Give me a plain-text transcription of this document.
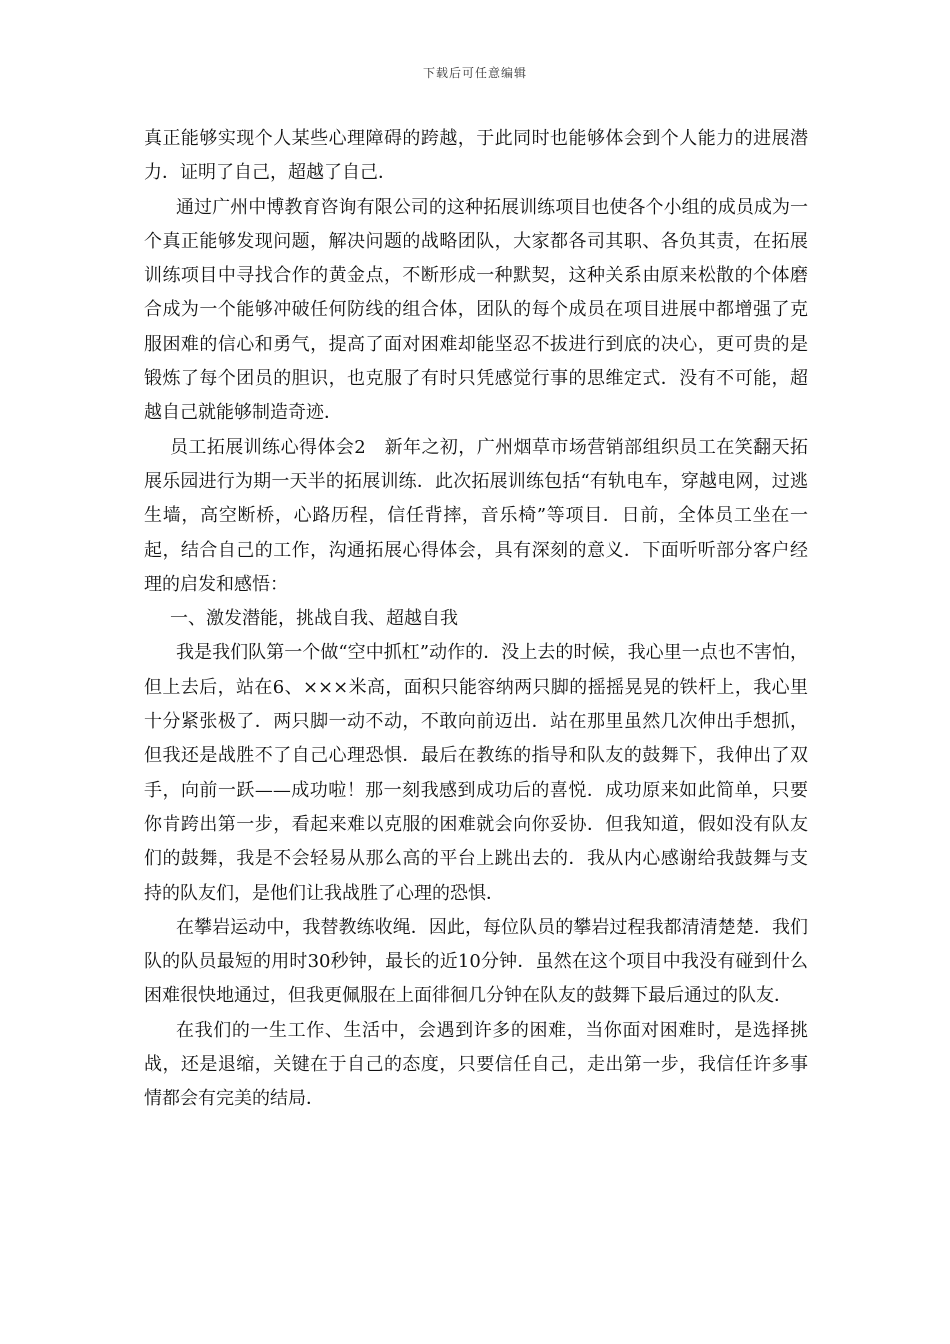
下载后可任意编辑

真正能够实现个人某些心理障碍的跨越，于此同时也能够体会到个人能力的进展潜力．证明了自己，超越了自己．

通过广州中博教育咨询有限公司的这种拓展训练项目也使各个小组的成员成为一个真正能够发现问题，解决问题的战略团队，大家都各司其职、各负其责，在拓展训练项目中寻找合作的黄金点，不断形成一种默契，这种关系由原来松散的个体磨合成为一个能够冲破任何防线的组合体，团队的每个成员在项目进展中都增强了克服困难的信心和勇气，提高了面对困难却能坚忍不拔进行到底的决心，更可贵的是锻炼了每个团员的胆识，也克服了有时只凭感觉行事的思维定式．没有不可能，超越自己就能够制造奇迹．

员工拓展训练心得体会2　新年之初，广州烟草市场营销部组织员工在笑翻天拓展乐园进行为期一天半的拓展训练．此次拓展训练包括“有轨电车，穿越电网，过逃生墙，高空断桥，心路历程，信任背摔，音乐椅”等项目．日前，全体员工坐在一起，结合自己的工作，沟通拓展心得体会，具有深刻的意义．下面听听部分客户经理的启发和感悟：

一、激发潜能，挑战自我、超越自我

我是我们队第一个做“空中抓杠”动作的．没上去的时候，我心里一点也不害怕，但上去后，站在6、×××米高，面积只能容纳两只脚的摇摇晃晃的铁杆上，我心里十分紧张极了．两只脚一动不动，不敢向前迈出．站在那里虽然几次伸出手想抓，但我还是战胜不了自己心理恐惧．最后在教练的指导和队友的鼓舞下，我伸出了双手，向前一跃——成功啦！那一刻我感到成功后的喜悦．成功原来如此简单，只要你肯跨出第一步，看起来难以克服的困难就会向你妥协．但我知道，假如没有队友们的鼓舞，我是不会轻易从那么高的平台上跳出去的．我从内心感谢给我鼓舞与支持的队友们，是他们让我战胜了心理的恐惧．

在攀岩运动中，我替教练收绳．因此，每位队员的攀岩过程我都清清楚楚．我们队的队员最短的用时30秒钟，最长的近10分钟．虽然在这个项目中我没有碰到什么困难很快地通过，但我更佩服在上面徘徊几分钟在队友的鼓舞下最后通过的队友．

在我们的一生工作、生活中，会遇到许多的困难，当你面对困难时，是选择挑战，还是退缩，关键在于自己的态度，只要信任自己，走出第一步，我信任许多事情都会有完美的结局．
